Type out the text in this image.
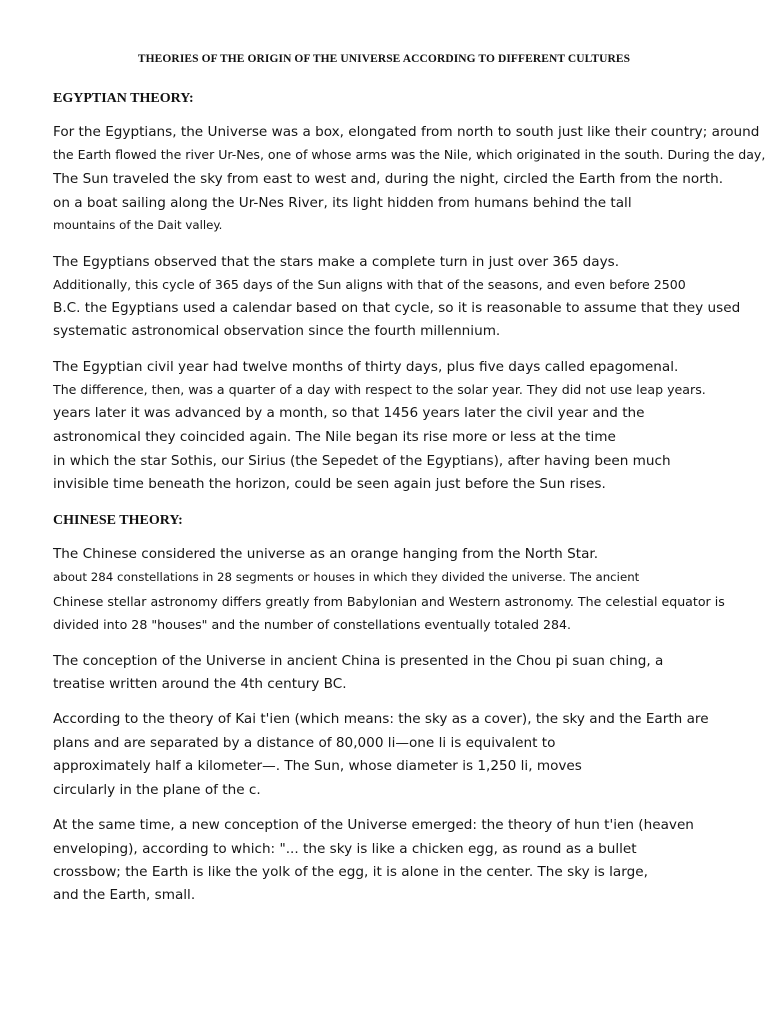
THEORIES OF THE ORIGIN OF THE UNIVERSE ACCORDING TO DIFFERENT CULTURES
EGYPTIAN THEORY:
For the Egyptians, the Universe was a box, elongated from north to south just like their country; around
the Earth flowed the river Ur-Nes, one of whose arms was the Nile, which originated in the south. During the day,
The Sun traveled the sky from east to west and, during the night, circled the Earth from the north.
on a boat sailing along the Ur-Nes River, its light hidden from humans behind the tall
mountains of the Dait valley.
The Egyptians observed that the stars make a complete turn in just over 365 days.
Additionally, this cycle of 365 days of the Sun aligns with that of the seasons, and even before 2500
B.C. the Egyptians used a calendar based on that cycle, so it is reasonable to assume that they used
systematic astronomical observation since the fourth millennium.
The Egyptian civil year had twelve months of thirty days, plus five days called epagomenal.
The difference, then, was a quarter of a day with respect to the solar year. They did not use leap years.
years later it was advanced by a month, so that 1456 years later the civil year and the
astronomical they coincided again. The Nile began its rise more or less at the time
in which the star Sothis, our Sirius (the Sepedet of the Egyptians), after having been much
invisible time beneath the horizon, could be seen again just before the Sun rises.
CHINESE THEORY:
The Chinese considered the universe as an orange hanging from the North Star.
about 284 constellations in 28 segments or houses in which they divided the universe. The ancient
Chinese stellar astronomy differs greatly from Babylonian and Western astronomy. The celestial equator is
divided into 28 "houses" and the number of constellations eventually totaled 284.
The conception of the Universe in ancient China is presented in the Chou pi suan ching, a
treatise written around the 4th century BC.
According to the theory of Kai t'ien (which means: the sky as a cover), the sky and the Earth are
plans and are separated by a distance of 80,000 li—one li is equivalent to
approximately half a kilometer—. The Sun, whose diameter is 1,250 li, moves
circularly in the plane of the c.
At the same time, a new conception of the Universe emerged: the theory of hun t'ien (heaven
enveloping), according to which: "... the sky is like a chicken egg, as round as a bullet
crossbow; the Earth is like the yolk of the egg, it is alone in the center. The sky is large,
and the Earth, small.
